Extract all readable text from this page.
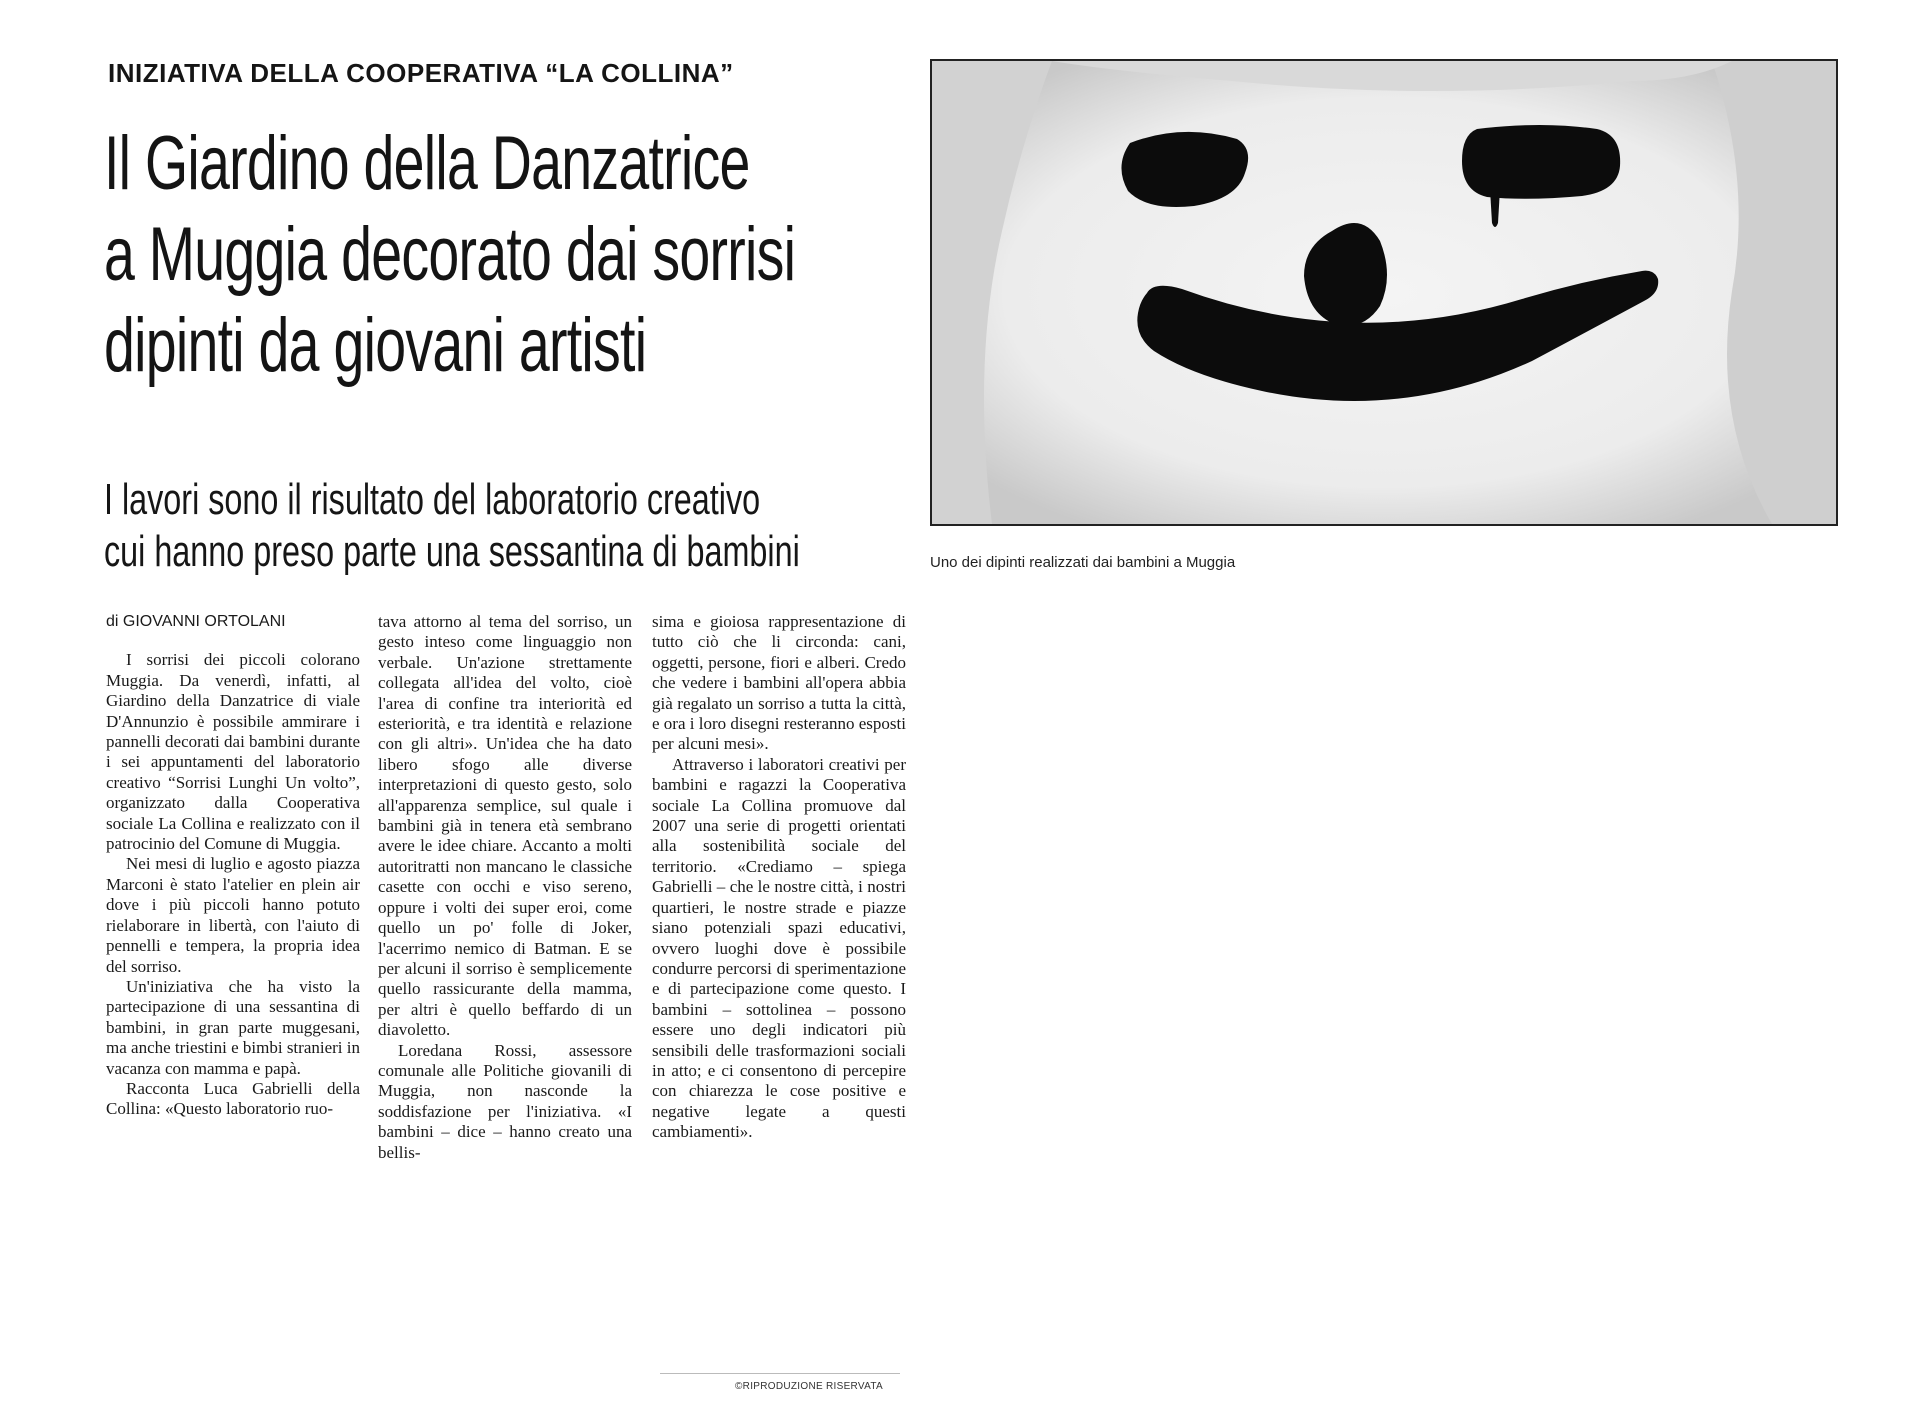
INIZIATIVA DELLA COOPERATIVA “LA COLLINA”
Il Giardino della Danzatrice
a Muggia decorato dai sorrisi
dipinti da giovani artisti
I lavori sono il risultato del laboratorio creativo
cui hanno preso parte una sessantina di bambini	Uno dei dipinti realizzati dai bambini a Muggia
di GIOVANNI ORTOLANI

I sorrisi dei piccoli colorano Muggia. Da venerdì, infatti, al Giardino della Danzatrice di viale D'Annunzio è possibile ammirare i pannelli decorati dai bambini durante i sei appuntamenti del laboratorio creativo “Sorrisi Lunghi Un volto”, organizzato dalla Cooperativa sociale La Collina e realizzato con il patrocinio del Comune di Muggia.

Nei mesi di luglio e agosto piazza Marconi è stato l'atelier en plein air dove i più piccoli hanno potuto rielaborare in libertà, con l'aiuto di pennelli e tempera, la propria idea del sorriso.

Un'iniziativa che ha visto la partecipazione di una sessantina di bambini, in gran parte muggesani, ma anche triestini e bimbi stranieri in vacanza con mamma e papà.

Racconta Luca Gabrielli della Collina: «Questo laboratorio ruo-

tava attorno al tema del sorriso, un gesto inteso come linguaggio non verbale. Un'azione strettamente collegata all'idea del volto, cioè l'area di confine tra interiorità ed esteriorità, e tra identità e relazione con gli altri». Un'idea che ha dato libero sfogo alle diverse interpretazioni di questo gesto, solo all'apparenza semplice, sul quale i bambini già in tenera età sembrano avere le idee chiare. Accanto a molti autoritratti non mancano le classiche casette con occhi e viso sereno, oppure i volti dei super eroi, come quello un po' folle di Joker, l'acerrimo nemico di Batman. E se per alcuni il sorriso è semplicemente quello rassicurante della mamma, per altri è quello beffardo di un diavoletto.

Loredana Rossi, assessore comunale alle Politiche giovanili di Muggia, non nasconde la soddisfazione per l'iniziativa. «I bambini – dice – hanno creato una bellis-

sima e gioiosa rappresentazione di tutto ciò che li circonda: cani, oggetti, persone, fiori e alberi. Credo che vedere i bambini all'opera abbia già regalato un sorriso a tutta la città, e ora i loro disegni resteranno esposti per alcuni mesi».

Attraverso i laboratori creativi per bambini e ragazzi la Cooperativa sociale La Collina promuove dal 2007 una serie di progetti orientati alla sostenibilità sociale del territorio. «Crediamo – spiega Gabrielli – che le nostre città, i nostri quartieri, le nostre strade e piazze siano potenziali spazi educativi, ovvero luoghi dove è possibile condurre percorsi di sperimentazione e di partecipazione come questo. I bambini – sottolinea – possono essere uno degli indicatori più sensibili delle trasformazioni sociali in atto; e ci consentono di percepire con chiarezza le cose positive e negative legate a questi cambiamenti».

©RIPRODUZIONE RISERVATA
